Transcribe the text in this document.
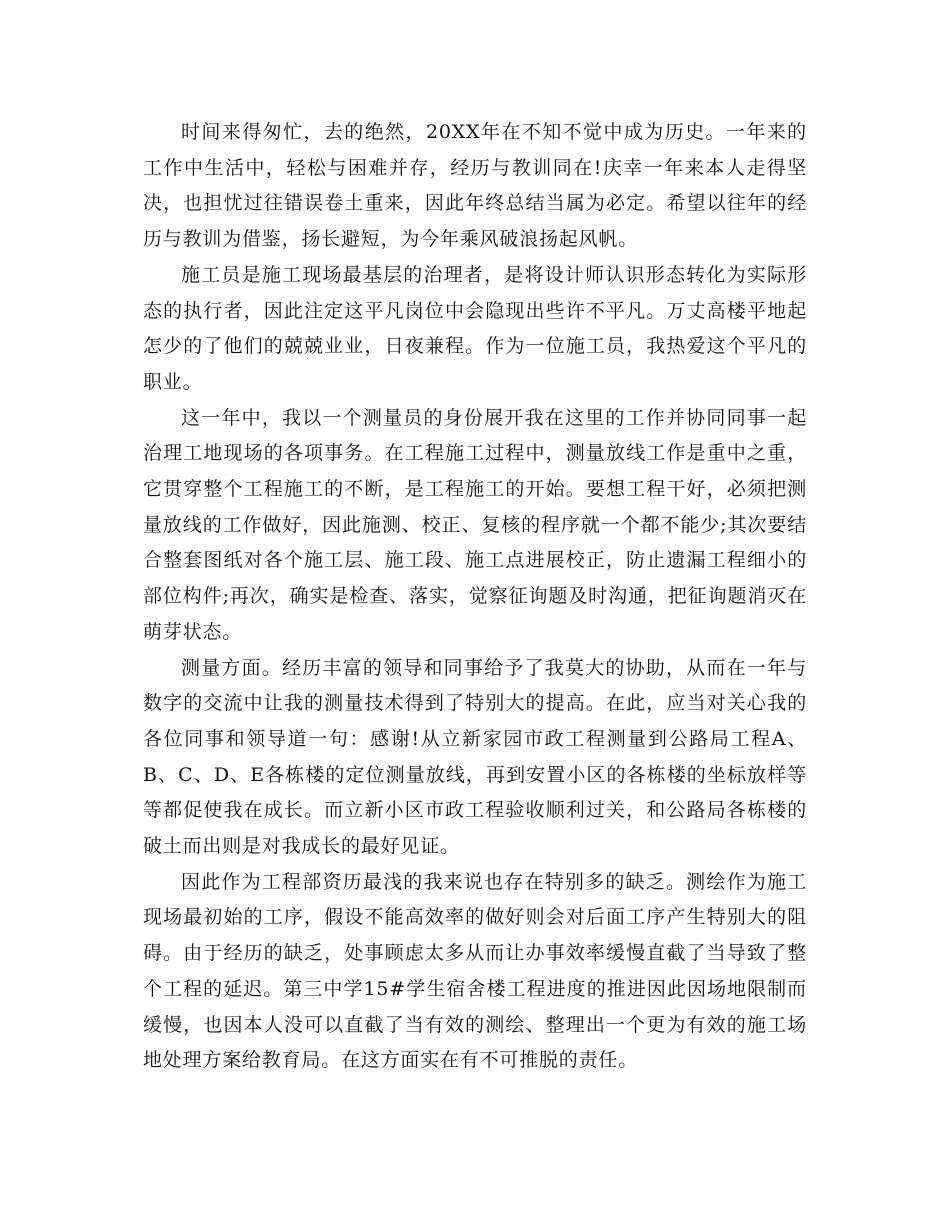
时间来得匆忙，去的绝然，20XX年在不知不觉中成为历史。一年来的工作中生活中，轻松与困难并存，经历与教训同在!庆幸一年来本人走得坚决，也担忧过往错误卷土重来，因此年终总结当属为必定。希望以往年的经历与教训为借鉴，扬长避短，为今年乘风破浪扬起风帆。

施工员是施工现场最基层的治理者，是将设计师认识形态转化为实际形态的执行者，因此注定这平凡岗位中会隐现出些许不平凡。万丈高楼平地起怎少的了他们的兢兢业业，日夜兼程。作为一位施工员，我热爱这个平凡的职业。

这一年中，我以一个测量员的身份展开我在这里的工作并协同同事一起治理工地现场的各项事务。在工程施工过程中，测量放线工作是重中之重，它贯穿整个工程施工的不断，是工程施工的开始。要想工程干好，必须把测量放线的工作做好，因此施测、校正、复核的程序就一个都不能少;其次要结合整套图纸对各个施工层、施工段、施工点进展校正，防止遗漏工程细小的部位构件;再次，确实是检查、落实，觉察征询题及时沟通，把征询题消灭在萌芽状态。

测量方面。经历丰富的领导和同事给予了我莫大的协助，从而在一年与数字的交流中让我的测量技术得到了特别大的提高。在此，应当对关心我的各位同事和领导道一句：感谢!从立新家园市政工程测量到公路局工程A、B、C、D、E各栋楼的定位测量放线，再到安置小区的各栋楼的坐标放样等等都促使我在成长。而立新小区市政工程验收顺利过关，和公路局各栋楼的破土而出则是对我成长的最好见证。

因此作为工程部资历最浅的我来说也存在特别多的缺乏。测绘作为施工现场最初始的工序，假设不能高效率的做好则会对后面工序产生特别大的阻碍。由于经历的缺乏，处事顾虑太多从而让办事效率缓慢直截了当导致了整个工程的延迟。第三中学15#学生宿舍楼工程进度的推进因此因场地限制而缓慢，也因本人没可以直截了当有效的测绘、整理出一个更为有效的施工场地处理方案给教育局。在这方面实在有不可推脱的责任。
